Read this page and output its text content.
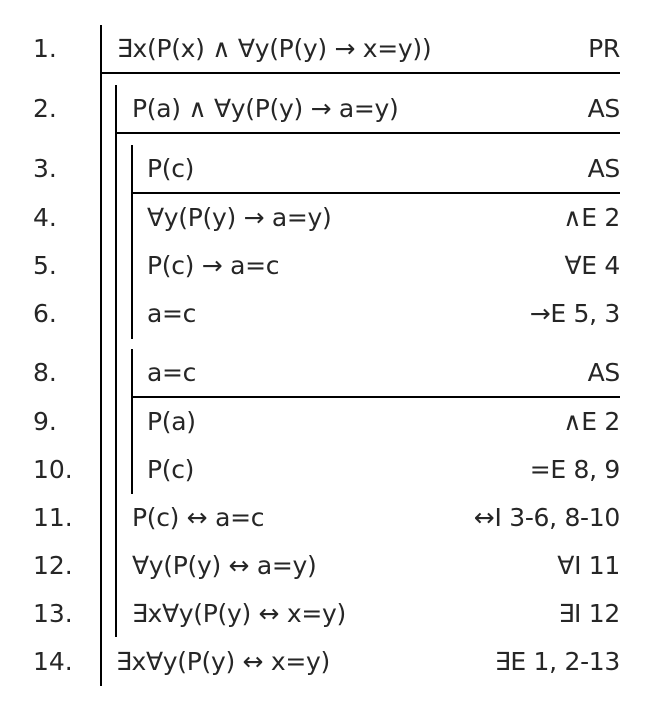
1. ∃x(P(x) ∧ ∀y(P(y) → x=y))	PR
2.	P(a) ∧ ∀y(P(y) → a=y)	AS
3.	P(c)	AS
4.	∀y(P(y) → a=y)	∧E 2
5.	P(c) → a=c	∀E 4
6.	a=c	→E 5, 3
8.	a=c	AS
9.	P(a)	∧E 2
10.	P(c)	=E 8, 9
11. P(c) ↔ a=c	↔I 3-6, 8-10
12. ∀y(P(y) ↔ a=y)	∀I 11
13. ∃x∀y(P(y) ↔ x=y)	∃I 12
14. ∃x∀y(P(y) ↔ x=y)	∃E 1, 2-13
